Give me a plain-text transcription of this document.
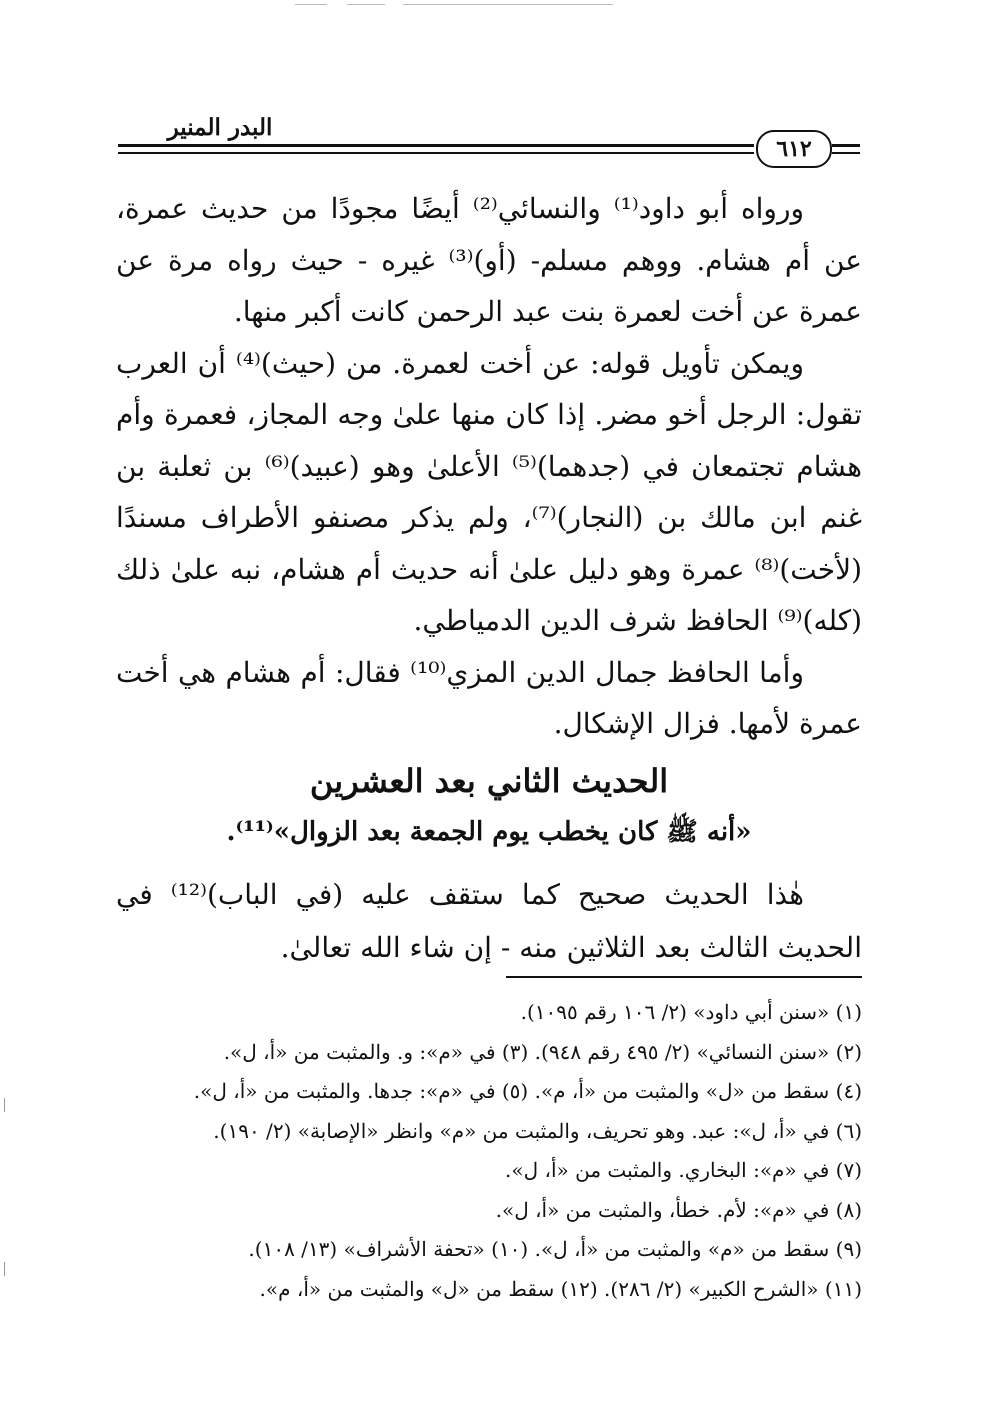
البدر المنير
٦١٢

ورواه أبو داود⁽¹⁾ والنسائي⁽²⁾ أيضًا مجودًا من حديث عمرة، عن أم هشام. ووهم مسلم- (أو)⁽³⁾ غيره - حيث رواه مرة عن عمرة عن أخت لعمرة بنت عبد الرحمن كانت أكبر منها.

ويمكن تأويل قوله: عن أخت لعمرة. من (حيث)⁽⁴⁾ أن العرب تقول: الرجل أخو مضر. إذا كان منها علىٰ وجه المجاز، فعمرة وأم هشام تجتمعان في (جدهما)⁽⁵⁾ الأعلىٰ وهو (عبيد)⁽⁶⁾ بن ثعلبة بن غنم ابن مالك بن (النجار)⁽⁷⁾، ولم يذكر مصنفو الأطراف مسندًا (لأخت)⁽⁸⁾ عمرة وهو دليل علىٰ أنه حديث أم هشام، نبه علىٰ ذلك (كله)⁽⁹⁾ الحافظ شرف الدين الدمياطي.

وأما الحافظ جمال الدين المزي⁽¹⁰⁾ فقال: أم هشام هي أخت عمرة لأمها. فزال الإشكال.

الحديث الثاني بعد العشرين
«أنه ﷺ كان يخطب يوم الجمعة بعد الزوال»⁽¹¹⁾.

هٰذا الحديث صحيح كما ستقف عليه (في الباب)⁽¹²⁾ في الحديث الثالث بعد الثلاثين منه - إن شاء الله تعالىٰ.

(١) «سنن أبي داود» (٢/ ١٠٦ رقم ١٠٩٥).
(٢) «سنن النسائي» (٢/ ٤٩٥ رقم ٩٤٨). (٣) في «م»: و. والمثبت من «أ، ل».
(٤) سقط من «ل» والمثبت من «أ، م». (٥) في «م»: جدها. والمثبت من «أ، ل».
(٦) في «أ، ل»: عبد. وهو تحريف، والمثبت من «م» وانظر «الإصابة» (٢/ ١٩٠).
(٧) في «م»: البخاري. والمثبت من «أ، ل».
(٨) في «م»: لأم. خطأ، والمثبت من «أ، ل».
(٩) سقط من «م» والمثبت من «أ، ل». (١٠) «تحفة الأشراف» (١٣/ ١٠٨).
(١١) «الشرح الكبير» (٢/ ٢٨٦). (١٢) سقط من «ل» والمثبت من «أ، م».
